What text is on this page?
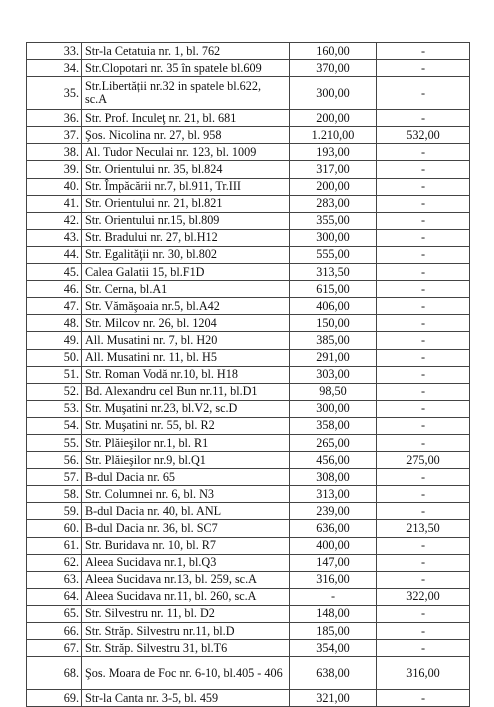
33.	Str-la Cetatuia nr. 1, bl. 762	160,00	-
34.	Str.Clopotari nr. 35 în spatele bl.609	370,00	-
35.	Str.Libertății nr.32 in spatele bl.622, sc.A	300,00	-
36.	Str. Prof. Inculeţ nr. 21, bl. 681	200,00	-
37.	Şos. Nicolina nr. 27, bl. 958	1.210,00	532,00
38.	Al. Tudor Neculai nr. 123, bl. 1009	193,00	-
39.	Str. Orientului nr. 35, bl.824	317,00	-
40.	Str. Împăcării nr.7, bl.911, Tr.III	200,00	-
41.	Str. Orientului nr. 21, bl.821	283,00	-
42.	Str. Orientului nr.15, bl.809	355,00	-
43.	Str. Bradului nr. 27, bl.H12	300,00	-
44.	Str. Egalităţii nr. 30, bl.802	555,00	-
45.	Calea Galatii 15, bl.F1D	313,50	-
46.	Str. Cerna, bl.A1	615,00	-
47.	Str. Vămăşoaia nr.5, bl.A42	406,00	-
48.	Str. Milcov nr. 26, bl. 1204	150,00	-
49.	All. Musatini nr. 7, bl. H20	385,00	-
50.	All. Musatini nr. 11, bl. H5	291,00	-
51.	Str. Roman Vodă nr.10, bl. H18	303,00	-
52.	Bd. Alexandru cel Bun nr.11, bl.D1	98,50	-
53.	Str. Muşatini nr.23, bl.V2, sc.D	300,00	-
54.	Str. Muşatini nr. 55, bl. R2	358,00	-
55.	Str. Plăieşilor nr.1, bl. R1	265,00	-
56.	Str. Plăieşilor nr.9, bl.Q1	456,00	275,00
57.	B-dul Dacia nr. 65	308,00	-
58.	Str. Columnei nr. 6, bl. N3	313,00	-
59.	B-dul Dacia nr. 40, bl. ANL	239,00	-
60.	B-dul Dacia nr. 36, bl. SC7	636,00	213,50
61.	Str. Buridava nr. 10, bl. R7	400,00	-
62.	Aleea Sucidava nr.1, bl.Q3	147,00	-
63.	Aleea Sucidava nr.13, bl. 259, sc.A	316,00	-
64.	Aleea Sucidava nr.11, bl. 260, sc.A	-	322,00
65.	Str. Silvestru nr. 11, bl. D2	148,00	-
66.	Str. Străp. Silvestru nr.11, bl.D	185,00	-
67.	Str. Străp. Silvestru 31, bl.T6	354,00	-
68.	Şos. Moara de Foc nr. 6-10, bl.405 - 406	638,00	316,00
69.	Str-la Canta nr. 3-5, bl. 459	321,00	-
